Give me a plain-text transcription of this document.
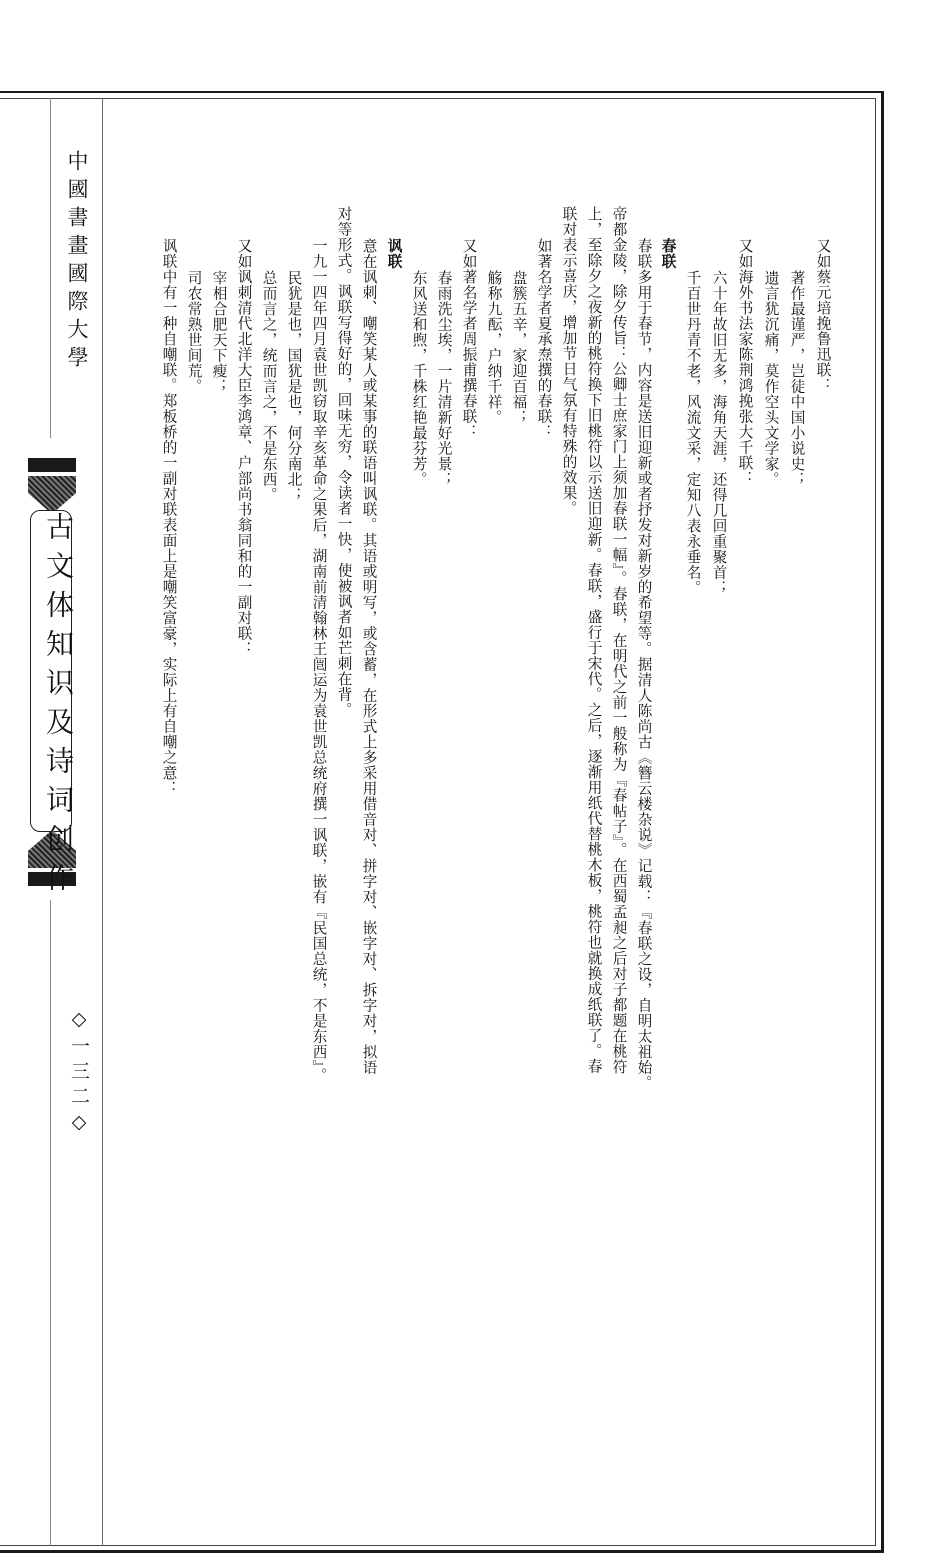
中國書畫國際大學
古文体知识及诗词创作
◇一三二◇
又如蔡元培挽鲁迅联：
著作最谨严，岂徒中国小说史；
遗言犹沉痛，莫作空头文学家。
又如海外书法家陈荆鸿挽张大千联：
六十年故旧无多，海角天涯，还得几回重聚首；
千百世丹青不老，风流文采，定知八表永垂名。
春联
春联多用于春节，内容是送旧迎新或者抒发对新岁的希望等。据清人陈尚古《簪云楼杂说》记载：『春联之设，自明太祖始。
帝都金陵，除夕传旨：公卿士庶家门上须加春联一幅』。春联，在明代之前一般称为『春帖子』。在西蜀孟昶之后对子都题在桃符
上，至除夕之夜新的桃符换下旧桃符以示送旧迎新。春联，盛行于宋代。之后，逐渐用纸代替桃木板，桃符也就换成纸联了。春
联对表示喜庆，增加节日气氛有特殊的效果。
如著名学者夏承焘撰的春联：
盘簇五辛，家迎百福；
觞称九酝，户纳千祥。
又如著名学者周振甫撰春联：
春雨洗尘埃，一片清新好光景；
东风送和煦，千株红艳最芬芳。
讽联
意在讽刺、嘲笑某人或某事的联语叫讽联。其语或明写，或含蓄，在形式上多采用借音对、拼字对、嵌字对、拆字对，拟语
对等形式。讽联写得好的，回味无穷，令读者一快，使被讽者如芒刺在背。
一九一四年四月袁世凯窃取辛亥革命之果后，湖南前清翰林王闿运为袁世凯总统府撰一讽联，嵌有『民国总统，不是东西』。
民犹是也，国犹是也，何分南北；
总而言之，统而言之，不是东西。
又如讽刺清代北洋大臣李鸿章、户部尚书翁同和的一副对联：
宰相合肥天下瘦；
司农常熟世间荒。
讽联中有一种自嘲联。郑板桥的一副对联表面上是嘲笑富豪，实际上有自嘲之意：
